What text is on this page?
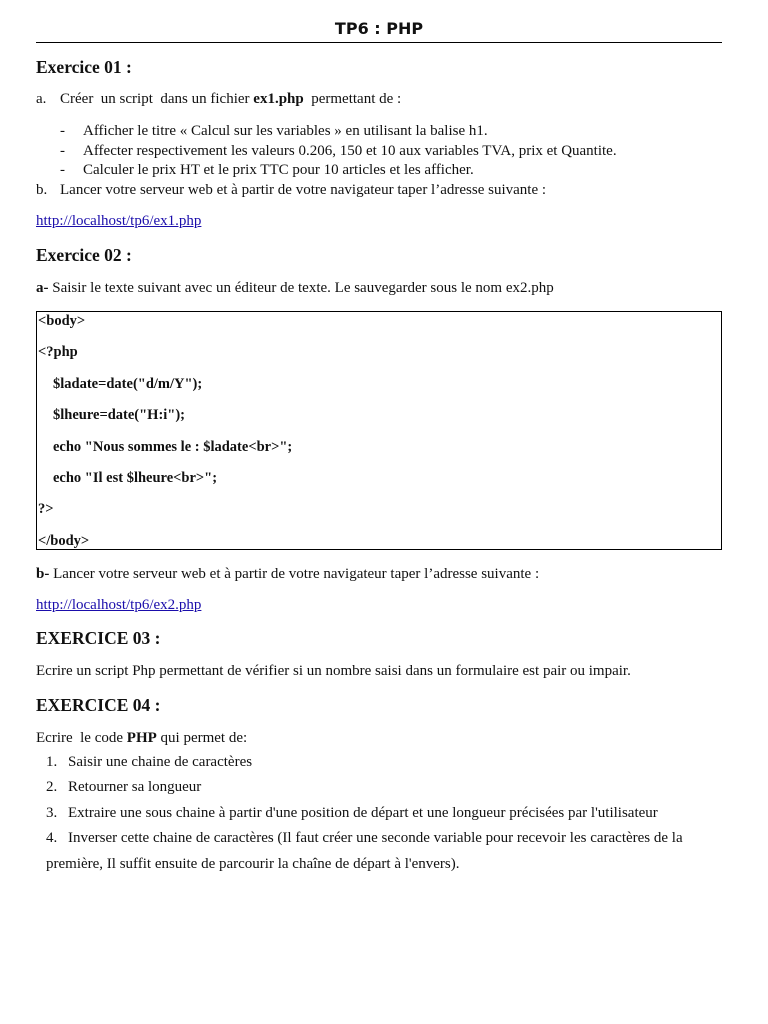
TP6 : PHP
Exercice 01 :
a. Créer  un script  dans un fichier ex1.php  permettant de :
- Afficher le titre « Calcul sur les variables » en utilisant la balise h1.
- Affecter respectivement les valeurs 0.206, 150 et 10 aux variables TVA, prix et Quantite.
- Calculer le prix HT et le prix TTC pour 10 articles et les afficher.
b. Lancer votre serveur web et à partir de votre navigateur taper l’adresse suivante :
http://localhost/tp6/ex1.php
Exercice 02 :
a- Saisir le texte suivant avec un éditeur de texte. Le sauvegarder sous le nom ex2.php
<body>
<?php
$ladate=date("d/m/Y");
$lheure=date("H:i");
echo "Nous sommes le : $ladate<br>";
echo "Il est $lheure<br>";
?>
</body>
b- Lancer votre serveur web et à partir de votre navigateur taper l’adresse suivante :
http://localhost/tp6/ex2.php
EXERCICE 03 :
Ecrire un script Php permettant de vérifier si un nombre saisi dans un formulaire est pair ou impair.
EXERCICE 04 :
Ecrire  le code PHP qui permet de:
1. Saisir une chaine de caractères
2. Retourner sa longueur
3. Extraire une sous chaine à partir d'une position de départ et une longueur précisées par l'utilisateur
4. Inverser cette chaine de caractères (Il faut créer une seconde variable pour recevoir les caractères de la
première, Il suffit ensuite de parcourir la chaîne de départ à l'envers).
